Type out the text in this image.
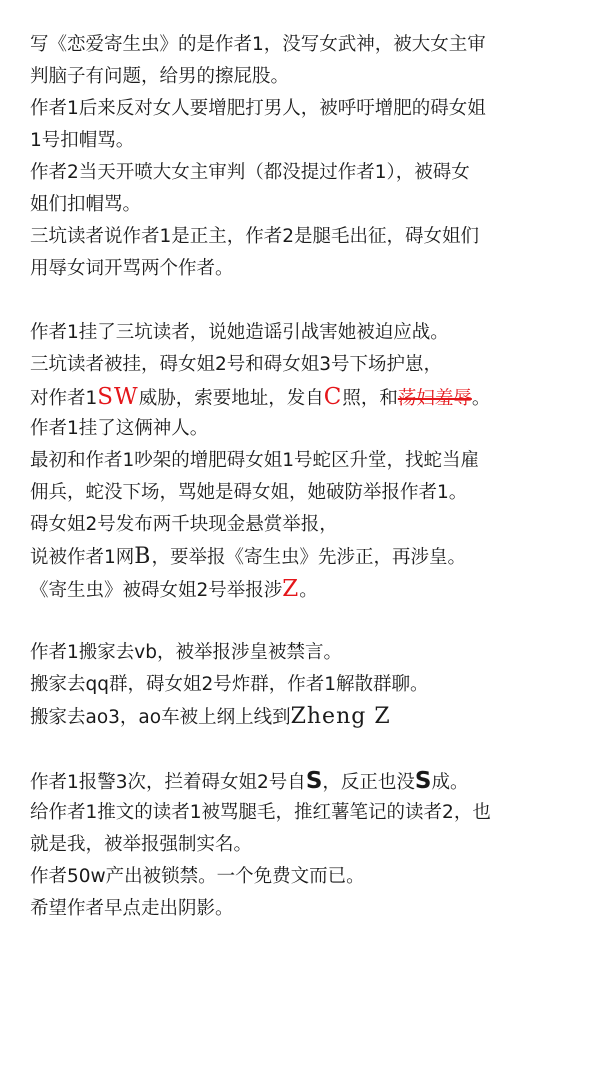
写《恋爱寄生虫》的是作者1，没写女武神，被大女主审
判脑子有问题，给男的擦屁股。
作者1后来反对女人要增肥打男人，被呼吁增肥的碍女姐
1号扣帽骂。
作者2当天开喷大女主审判（都没提过作者1），被碍女
姐们扣帽骂。
三坑读者说作者1是正主，作者2是腿毛出征，碍女姐们
用辱女词开骂两个作者。
作者1挂了三坑读者，说她造谣引战害她被迫应战。
三坑读者被挂，碍女姐2号和碍女姐3号下场护崽，
对作者1SW威胁，索要地址，发自C照，和荡妇羞辱。
作者1挂了这俩神人。
最初和作者1吵架的增肥碍女姐1号蛇区升堂，找蛇当雇
佣兵，蛇没下场，骂她是碍女姐，她破防举报作者1。
碍女姐2号发布两千块现金悬赏举报，
说被作者1网B，要举报《寄生虫》先涉正，再涉皇。
《寄生虫》被碍女姐2号举报涉Z。
作者1搬家去vb，被举报涉皇被禁言。
搬家去qq群，碍女姐2号炸群，作者1解散群聊。
搬家去ao3，ao车被上纲上线到Zheng Z
作者1报警3次，拦着碍女姐2号自S，反正也没S成。
给作者1推文的读者1被骂腿毛，推红薯笔记的读者2，也
就是我，被举报强制实名。
作者50w产出被锁禁。一个免费文而已。
希望作者早点走出阴影。
